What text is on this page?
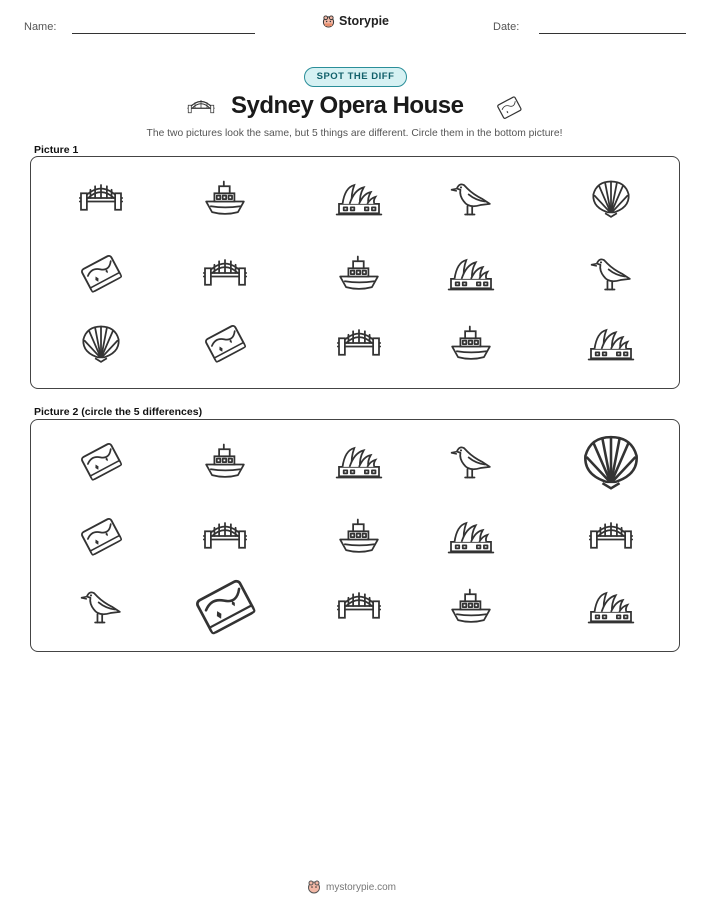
Name:	Storypie	Date:
SPOT THE DIFF
Sydney Opera House
The two pictures look the same, but 5 things are different. Circle them in the bottom picture!
Picture 1
Picture 2 (circle the 5 differences)
mystorypie.com
